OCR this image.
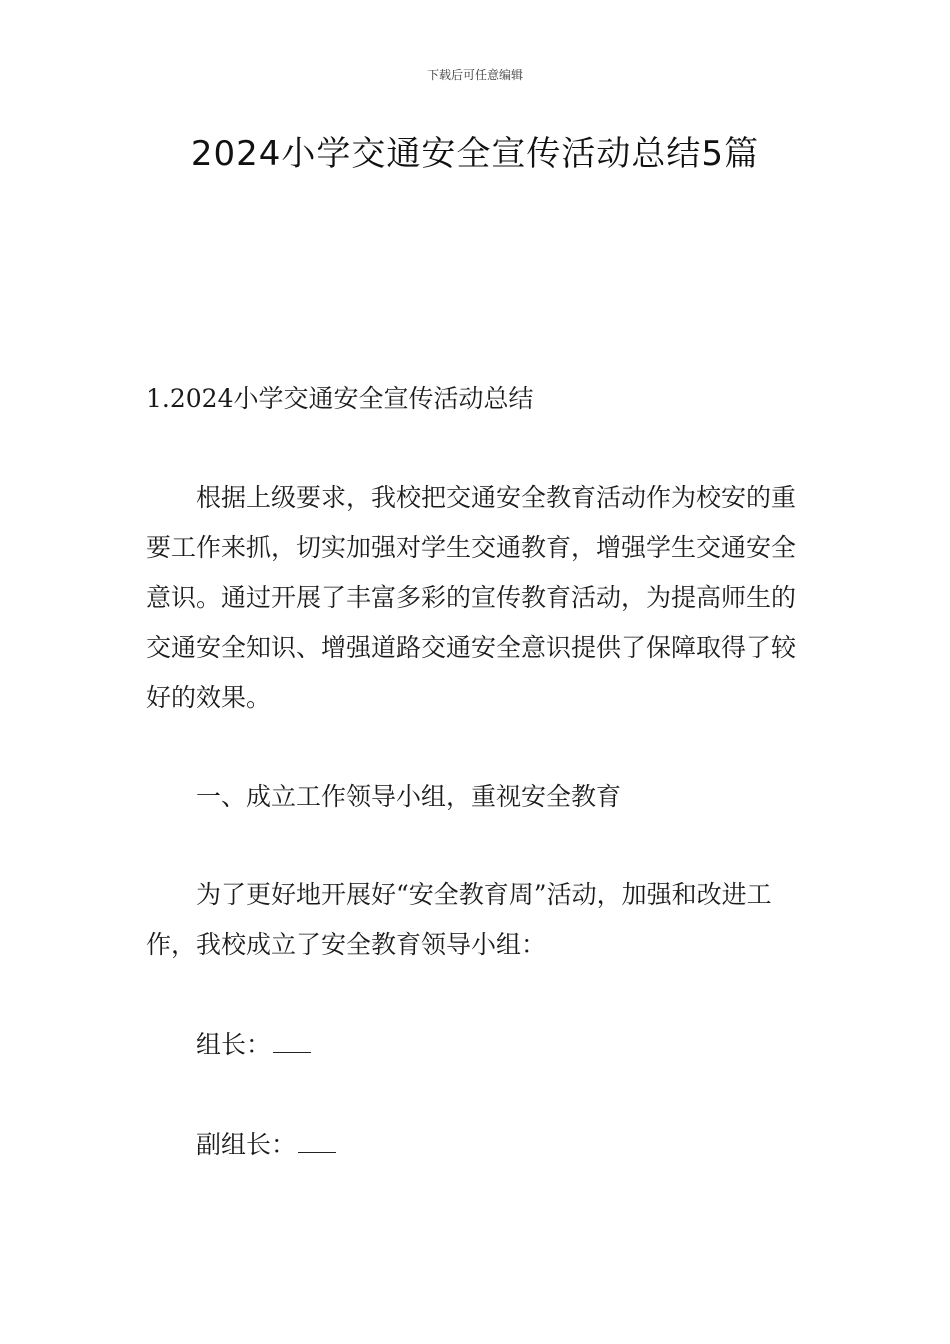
下载后可任意编辑
2024小学交通安全宣传活动总结5篇
1.2024小学交通安全宣传活动总结
根据上级要求，我校把交通安全教育活动作为校安的重要工作来抓，切实加强对学生交通教育，增强学生交通安全意识。通过开展了丰富多彩的宣传教育活动，为提高师生的交通安全知识、增强道路交通安全意识提供了保障取得了较好的效果。
一、成立工作领导小组，重视安全教育
为了更好地开展好“安全教育周”活动，加强和改进工作，我校成立了安全教育领导小组：
组长：
副组长：
